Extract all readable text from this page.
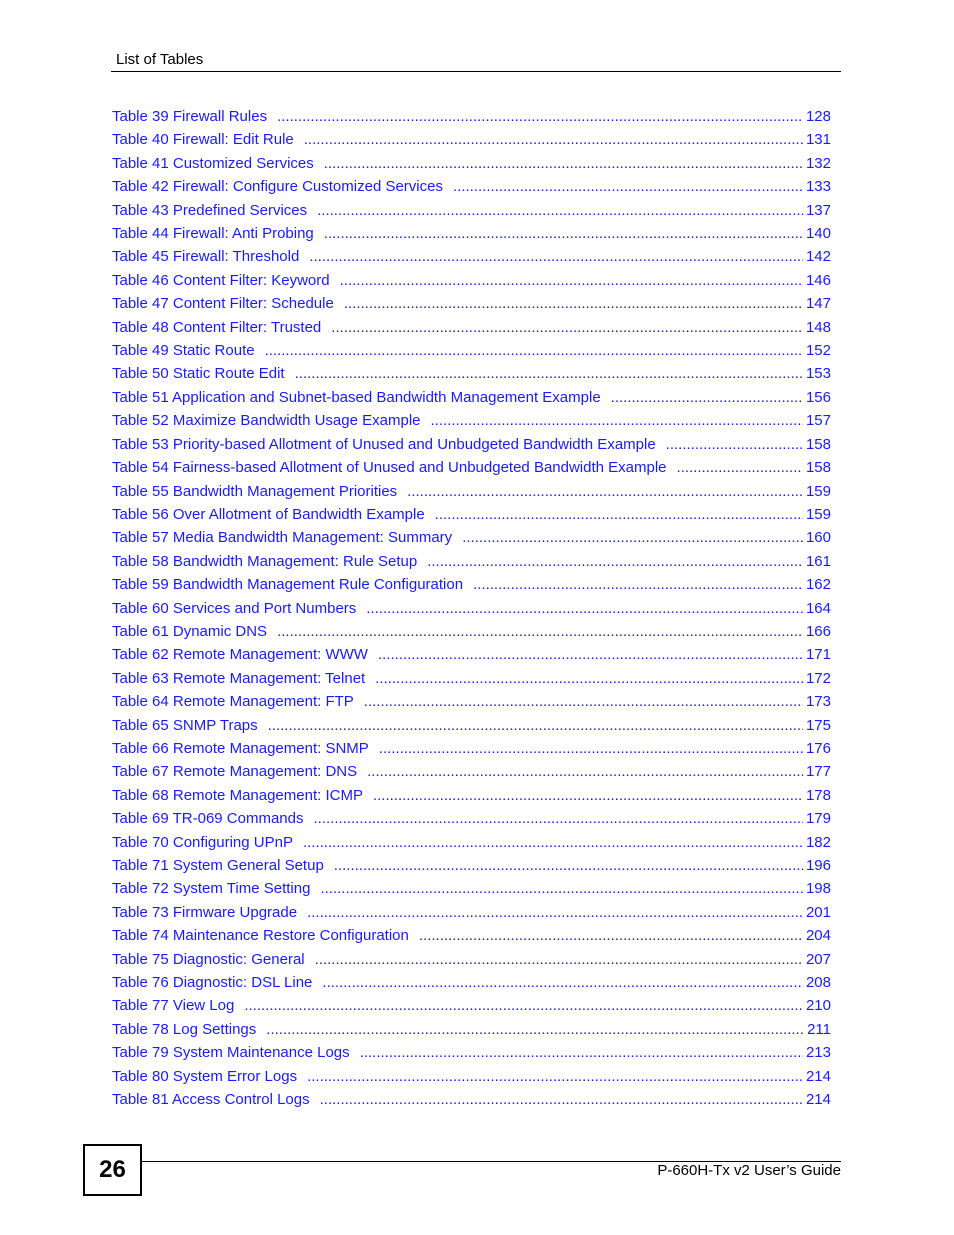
List of Tables
Table 39 Firewall Rules .....	128
Table 40 Firewall: Edit Rule .....	131
Table 41 Customized Services .....	132
Table 42 Firewall: Configure Customized Services .....	133
Table 43 Predefined Services .....	137
Table 44 Firewall: Anti Probing .....	140
Table 45 Firewall: Threshold .....	142
Table 46 Content Filter: Keyword .....	146
Table 47 Content Filter: Schedule .....	147
Table 48 Content Filter: Trusted .....	148
Table 49 Static Route .....	152
Table 50 Static Route Edit .....	153
Table 51 Application and Subnet-based Bandwidth Management Example .....	156
Table 52 Maximize Bandwidth Usage Example .....	157
Table 53 Priority-based Allotment of Unused and Unbudgeted Bandwidth Example .....	158
Table 54 Fairness-based Allotment of Unused and Unbudgeted Bandwidth Example .....	158
Table 55 Bandwidth Management Priorities .....	159
Table 56 Over Allotment of Bandwidth Example .....	159
Table 57 Media Bandwidth Management: Summary .....	160
Table 58 Bandwidth Management: Rule Setup .....	161
Table 59 Bandwidth Management Rule Configuration .....	162
Table 60 Services and Port Numbers .....	164
Table 61 Dynamic DNS .....	166
Table 62 Remote Management: WWW .....	171
Table 63 Remote Management: Telnet .....	172
Table 64 Remote Management: FTP .....	173
Table 65 SNMP Traps .....	175
Table 66 Remote Management: SNMP .....	176
Table 67 Remote Management: DNS .....	177
Table 68 Remote Management: ICMP .....	178
Table 69 TR-069 Commands .....	179
Table 70 Configuring UPnP .....	182
Table 71 System General Setup .....	196
Table 72 System Time Setting .....	198
Table 73 Firmware Upgrade .....	201
Table 74 Maintenance Restore Configuration .....	204
Table 75 Diagnostic: General .....	207
Table 76 Diagnostic: DSL Line .....	208
Table 77 View Log .....	210
Table 78 Log Settings .....	211
Table 79 System Maintenance Logs .....	213
Table 80 System Error Logs .....	214
Table 81 Access Control Logs .....	214
26	P-660H-Tx v2 User’s Guide
